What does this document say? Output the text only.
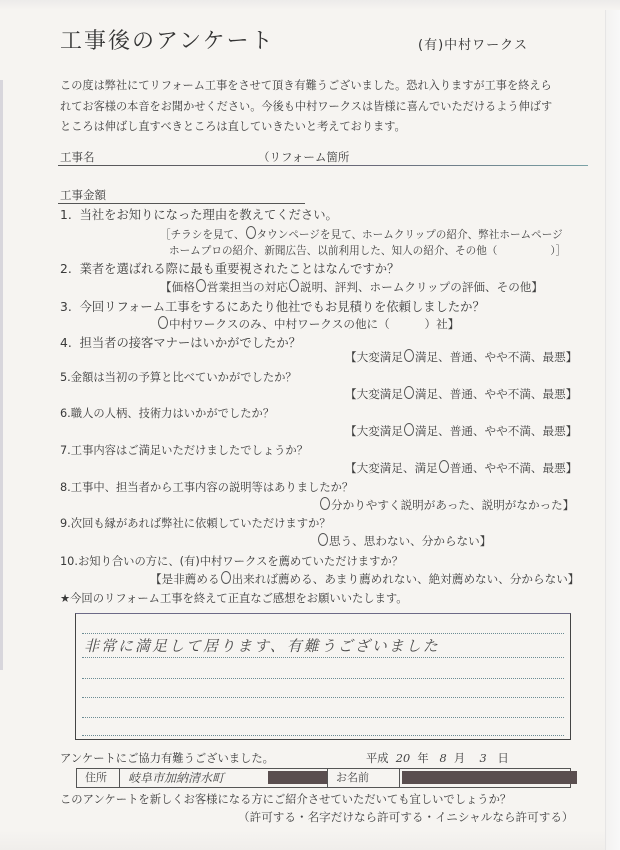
工事後のアンケート	(有)中村ワークス
この度は弊社にてリフォーム工事をさせて頂き有難うございました。恐れ入りますが工事を終えられてお客様の本音をお聞かせください。今後も中村ワークスは皆様に喜んでいただけるよう伸ばすところは伸ばし直すべきところは直していきたいと考えております。
工事名	（リフォーム箇所
工事金額
1. 当社をお知りになった理由を教えてください。
［チラシを見て、 タウンページを見て、ホームクリップの紹介、弊社ホームページ
ホームプロの紹介、新聞広告、以前利用した、知人の紹介、その他（　　　　　）］
2. 業者を選ばれる際に最も重要視されたことはなんですか？
【価格 営業担当の対応 説明、評判、ホームクリップの評価、その他】
3. 今回リフォーム工事をするにあたり他社でもお見積りを依頼しましたか？
中村ワークスのみ、中村ワークスの他に（　　　）社】
4. 担当者の接客マナーはいかがでしたか？
【大変満足 満足、普通、やや不満、最悪】
5.金額は当初の予算と比べていかがでしたか？
【大変満足 満足、普通、やや不満、最悪】
6.職人の人柄、技術力はいかがでしたか？
【大変満足 満足、普通、やや不満、最悪】
7.工事内容はご満足いただけましたでしょうか？
【大変満足、満足 普通、やや不満、最悪】
8.工事中、担当者から工事内容の説明等はありましたか？
分かりやすく説明があった、説明がなかった】
9.次回も縁があれば弊社に依頼していただけますか？
思う、思わない、分からない】
10.お知り合いの方に、(有)中村ワークスを薦めていただけますか？
【是非薦める 出来れば薦める、あまり薦めれない、絶対薦めない、分からない】
★今回のリフォーム工事を終えて正直なご感想をお願いいたします。
非常に満足して居ります、有難うございました
アンケートにご協力有難うございました。	平成 20 年 8 月 3 日
住所	岐阜市加納清水町	お名前
このアンケートを新しくお客様になる方にご紹介させていただいても宜しいでしょうか？
（許可する・名字だけなら許可する・イニシャルなら許可する）
